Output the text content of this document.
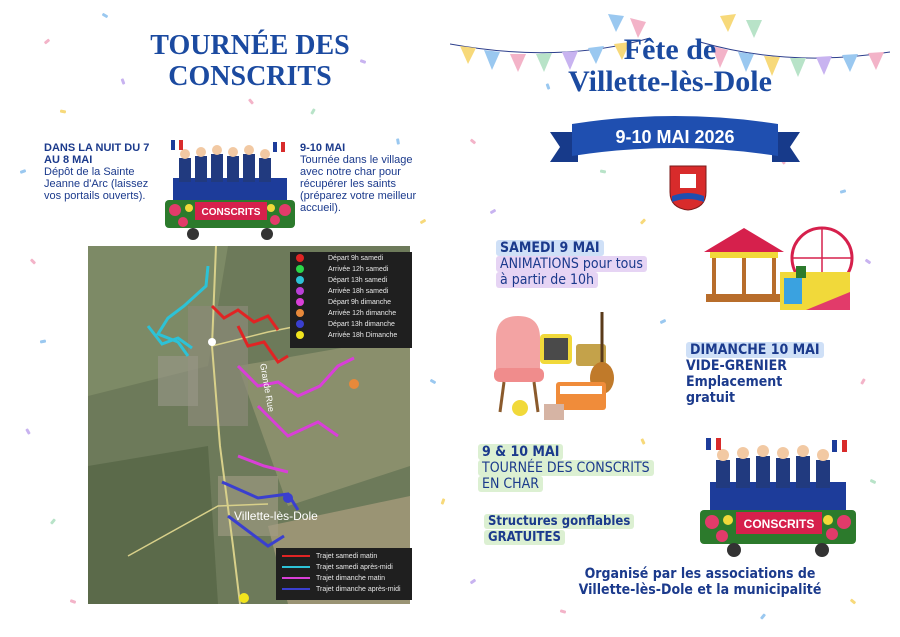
TOURNÉE DES
CONSCRITS
DANS LA NUIT DU 7
AU 8 MAI
Dépôt de la Sainte
Jeanne d'Arc (laissez
vos portails ouverts).
CONSCRITS
9-10 MAI
Tournée dans le village
avec notre char pour
récupérer les saints
(préparez votre meilleur
accueil).
Grande Rue
Villette-lès-Dole
Départ 9h samedi
Arrivée 12h samedi
Départ 13h samedi
Arrivée 18h samedi
Départ 9h dimanche
Arrivée 12h dimanche
Départ 13h dimanche
Arrivée 18h Dimanche
Trajet samedi matin
Trajet samedi après-midi
Trajet dimanche matin
Trajet dimanche après-midi
Fête de
Villette-lès-Dole
9-10 MAI 2026
SAMEDI 9 MAI
ANIMATIONS pour tous
à partir de 10h
DIMANCHE 10 MAI
VIDE-GRENIER
Emplacement
gratuit
9 & 10 MAI
TOURNÉE DES CONSCRITS
EN CHAR
Structures gonflables
GRATUITES
CONSCRITS
Organisé par les associations de
Villette-lès-Dole et la municipalité
